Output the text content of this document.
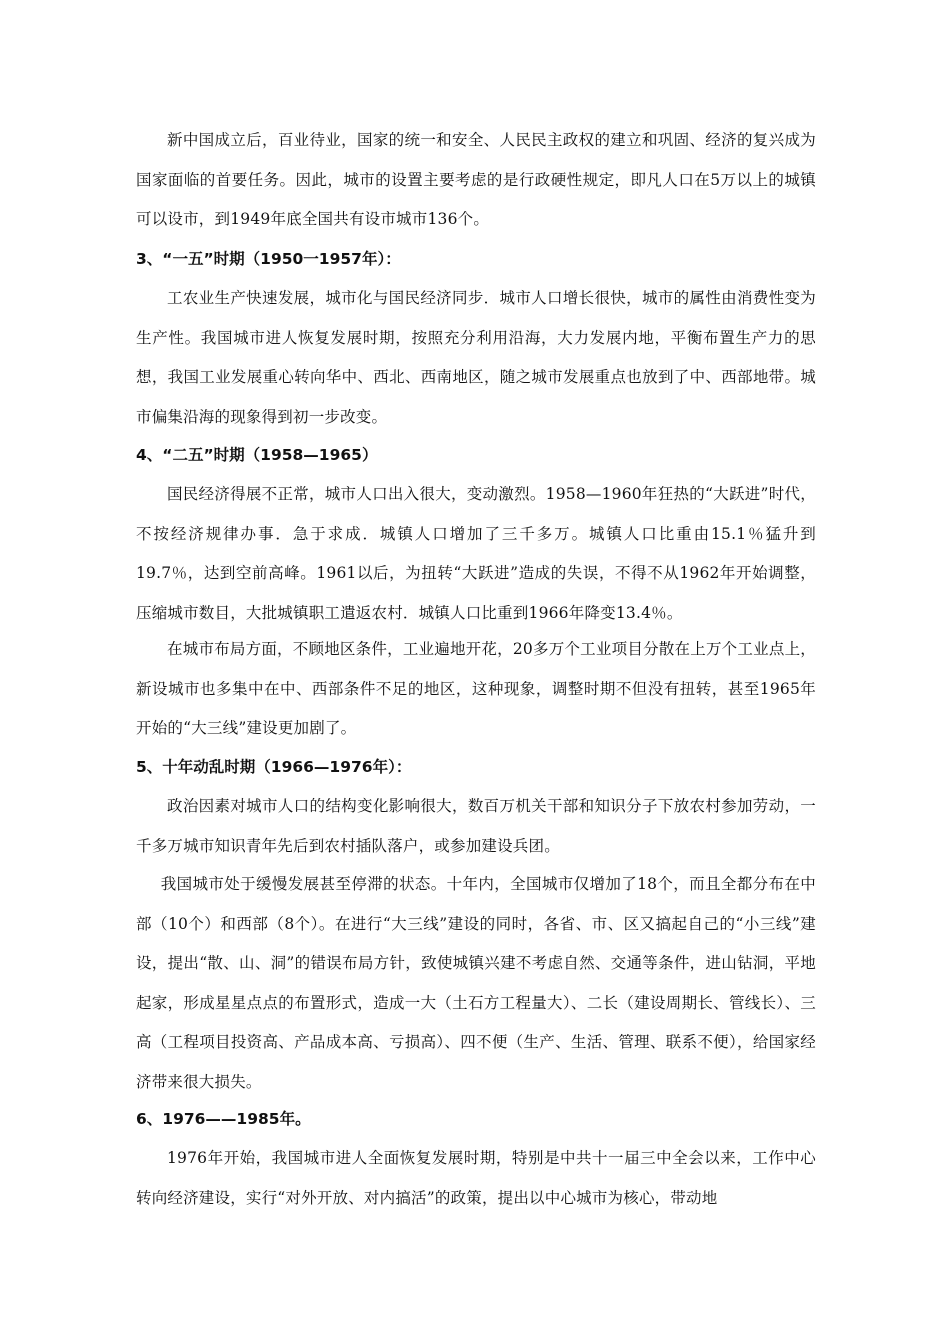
新中国成立后，百业待业，国家的统一和安全、人民民主政权的建立和巩固、经济的复兴成为国家面临的首要任务。因此，城市的设置主要考虑的是行政硬性规定，即凡人口在5万以上的城镇可以设市，到1949年底全国共有设市城市136个。

3、“一五”时期（1950一1957年）：

工农业生产快速发展，城市化与国民经济同步．城市人口增长很快，城市的属性由消费性变为生产性。我国城市进人恢复发展时期，按照充分利用沿海，大力发展内地，平衡布置生产力的思想，我国工业发展重心转向华中、西北、西南地区，随之城市发展重点也放到了中、西部地带。城市偏集沿海的现象得到初一步改变。

4、“二五”时期（1958—1965）

国民经济得展不正常，城市人口出入很大，变动激烈。1958—1960年狂热的“大跃进”时代，不按经济规律办事．急于求成．城镇人口增加了三千多万。城镇人口比重由15.1％猛升到19.7％，达到空前高峰。1961以后，为扭转“大跃进”造成的失误，不得不从1962年开始调整，压缩城市数目，大批城镇职工遣返农村．城镇人口比重到1966年降变13.4％。

在城市布局方面，不顾地区条件，工业遍地开花，20多万个工业项目分散在上万个工业点上，新设城市也多集中在中、西部条件不足的地区，这种现象，调整时期不但没有扭转，甚至1965年开始的“大三线”建设更加剧了。

5、十年动乱时期（1966—1976年）：

政治因素对城市人口的结构变化影响很大，数百万机关干部和知识分子下放农村参加劳动，一千多万城市知识青年先后到农村插队落户，或参加建设兵团。

我国城市处于缓慢发展甚至停滞的状态。十年内，全国城市仅增加了18个，而且全都分布在中部（10个）和西部（8个）。在进行“大三线”建设的同时，各省、市、区又搞起自己的“小三线”建设，提出“散、山、洞”的错误布局方针，致使城镇兴建不考虑自然、交通等条件，进山钻洞，平地起家，形成星星点点的布置形式，造成一大（土石方工程量大）、二长（建设周期长、管线长）、三高（工程项目投资高、产品成本高、亏损高）、四不便（生产、生活、管理、联系不便），给国家经济带来很大损失。

6、1976——1985年。

1976年开始，我国城市进人全面恢复发展时期，特别是中共十一届三中全会以来，工作中心转向经济建设，实行“对外开放、对内搞活”的政策，提出以中心城市为核心，带动地
